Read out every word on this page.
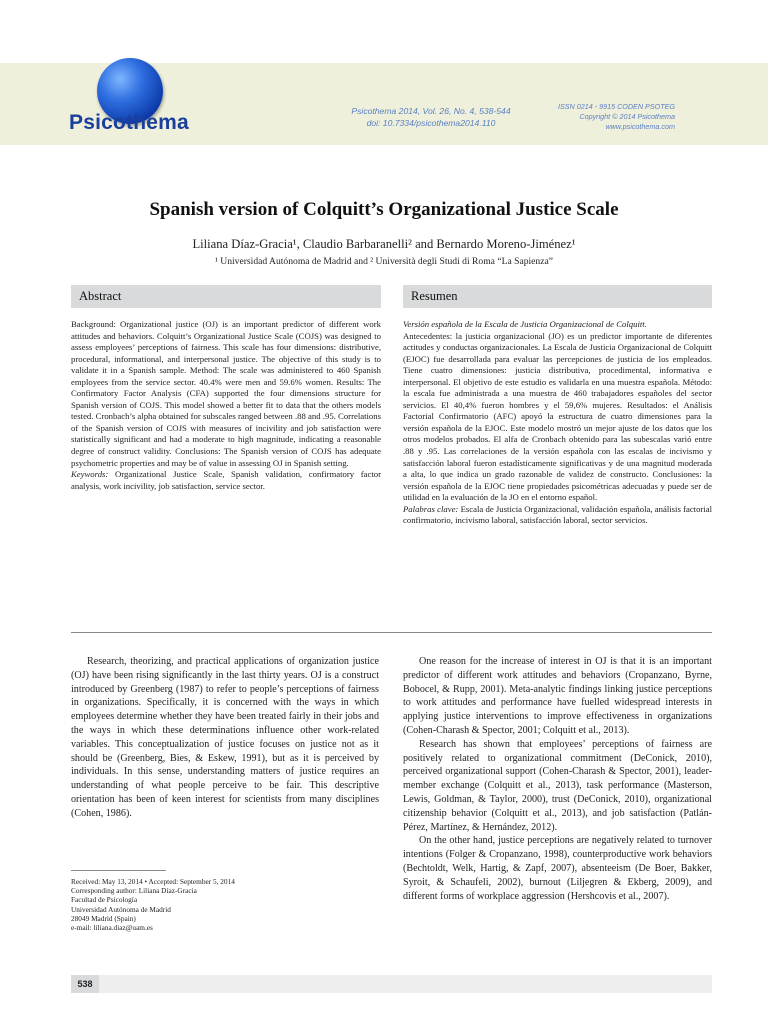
Psicothema	Psicothema 2014, Vol. 26, No. 4, 538-544
doi: 10.7334/psicothema2014.110
ISSN 0214 - 9915 CODEN PSOTEG
Copyright © 2014 Psicothema
www.psicothema.com
Spanish version of Colquitt’s Organizational Justice Scale
Liliana Díaz-Gracia¹, Claudio Barbaranelli² and Bernardo Moreno-Jiménez¹
¹ Universidad Autónoma de Madrid and ² Università degli Studi di Roma “La Sapienza”
Abstract

Background: Organizational justice (OJ) is an important predictor of different work attitudes and behaviors. Colquitt’s Organizational Justice Scale (COJS) was designed to assess employees’ perceptions of fairness. This scale has four dimensions: distributive, procedural, informational, and interpersonal justice. The objective of this study is to validate it in a Spanish sample. Method: The scale was administered to 460 Spanish employees from the service sector. 40.4% were men and 59.6% women. Results: The Confirmatory Factor Analysis (CFA) supported the four dimensions structure for Spanish version of COJS. This model showed a better fit to data that the others models tested. Cronbach’s alpha obtained for subscales ranged between .88 and .95. Correlations of the Spanish version of COJS with measures of incivility and job satisfaction were statistically significant and had a moderate to high magnitude, indicating a reasonable degree of construct validity. Conclusions: The Spanish version of COJS has adequate psychometric properties and may be of value in assessing OJ in Spanish setting.

Keywords: Organizational Justice Scale, Spanish validation, confirmatory factor analysis, work incivility, job satisfaction, service sector.

Resumen

Versión española de la Escala de Justicia Organizacional de Colquitt.

Antecedentes: la justicia organizacional (JO) es un predictor importante de diferentes actitudes y conductas organizacionales. La Escala de Justicia Organizacional de Colquitt (EJOC) fue desarrollada para evaluar las percepciones de justicia de los empleados. Tiene cuatro dimensiones: justicia distributiva, procedimental, informativa e interpersonal. El objetivo de este estudio es validarla en una muestra española. Método: la escala fue administrada a una muestra de 460 trabajadores españoles del sector servicios. El 40,4% fueron hombres y el 59,6% mujeres. Resultados: el Análisis Factorial Confirmatorio (AFC) apoyó la estructura de cuatro dimensiones para la versión española de la EJOC. Este modelo mostró un mejor ajuste de los datos que los otros modelos probados. El alfa de Cronbach obtenido para las subescalas varió entre .88 y .95. Las correlaciones de la versión española con las escalas de incivismo y satisfacción laboral fueron estadísticamente significativas y de una magnitud moderada a alta, lo que indica un grado razonable de validez de constructo. Conclusiones: la versión española de la EJOC tiene propiedades psicométricas adecuadas y puede ser de utilidad en la evaluación de la JO en el entorno español.

Palabras clave: Escala de Justicia Organizacional, validación española, análisis factorial confirmatorio, incivismo laboral, satisfacción laboral, sector servicios.

Research, theorizing, and practical applications of organization justice (OJ) have been rising significantly in the last thirty years. OJ is a construct introduced by Greenberg (1987) to refer to people’s perceptions of fairness in organizations. Specifically, it is concerned with the ways in which employees determine whether they have been treated fairly in their jobs and the ways in which these determinations influence other work-related variables. This conceptualization of justice focuses on justice not as it should be (Greenberg, Bies, & Eskew, 1991), but as it is perceived by individuals. In this sense, understanding matters of justice requires an understanding of what people perceive to be fair. This descriptive orientation has been of keen interest for scientists from many disciplines (Cohen, 1986).

One reason for the increase of interest in OJ is that it is an important predictor of different work attitudes and behaviors (Cropanzano, Byrne, Bobocel, & Rupp, 2001). Meta-analytic findings linking justice perceptions to work attitudes and performance have fuelled widespread interests in applying justice interventions to improve effectiveness in organizations (Cohen-Charash & Spector, 2001; Colquitt et al., 2013).

Research has shown that employees’ perceptions of fairness are positively related to organizational commitment (DeConick, 2010), perceived organizational support (Cohen-Charash & Spector, 2001), leader-member exchange (Colquitt et al., 2013), task performance (Masterson, Lewis, Goldman, & Taylor, 2000), trust (DeConick, 2010), organizational citizenship behavior (Colquitt et al., 2013), and job satisfaction (Patlán-Pérez, Martínez, & Hernández, 2012).

On the other hand, justice perceptions are negatively related to turnover intentions (Folger & Cropanzano, 1998), counterproductive work behaviors (Bechtoldt, Welk, Hartig, & Zapf, 2007), absenteeism (De Boer, Bakker, Syroit, & Schaufeli, 2002), burnout (Liljegren & Ekberg, 2009), and different forms of workplace aggression (Hershcovis et al., 2007).

Received: May 13, 2014 • Accepted: September 5, 2014
Corresponding author: Liliana Díaz-Gracia
Facultad de Psicología
Universidad Autónoma de Madrid
28049 Madrid (Spain)
e-mail: liliana.diaz@uam.es
538
